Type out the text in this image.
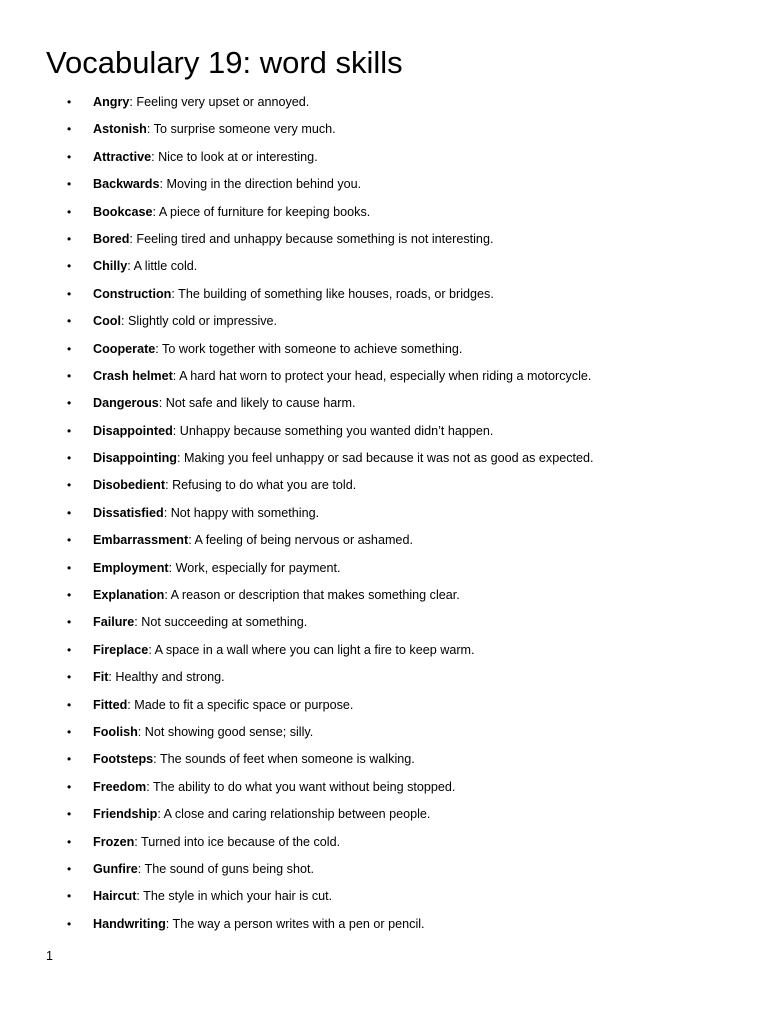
Vocabulary 19: word skills
• Angry: Feeling very upset or annoyed.
• Astonish: To surprise someone very much.
• Attractive: Nice to look at or interesting.
• Backwards: Moving in the direction behind you.
• Bookcase: A piece of furniture for keeping books.
• Bored: Feeling tired and unhappy because something is not interesting.
• Chilly: A little cold.
• Construction: The building of something like houses, roads, or bridges.
• Cool: Slightly cold or impressive.
• Cooperate: To work together with someone to achieve something.
• Crash helmet: A hard hat worn to protect your head, especially when riding a motorcycle.
• Dangerous: Not safe and likely to cause harm.
• Disappointed: Unhappy because something you wanted didn’t happen.
• Disappointing: Making you feel unhappy or sad because it was not as good as expected.
• Disobedient: Refusing to do what you are told.
• Dissatisfied: Not happy with something.
• Embarrassment: A feeling of being nervous or ashamed.
• Employment: Work, especially for payment.
• Explanation: A reason or description that makes something clear.
• Failure: Not succeeding at something.
• Fireplace: A space in a wall where you can light a fire to keep warm.
• Fit: Healthy and strong.
• Fitted: Made to fit a specific space or purpose.
• Foolish: Not showing good sense; silly.
• Footsteps: The sounds of feet when someone is walking.
• Freedom: The ability to do what you want without being stopped.
• Friendship: A close and caring relationship between people.
• Frozen: Turned into ice because of the cold.
• Gunfire: The sound of guns being shot.
• Haircut: The style in which your hair is cut.
• Handwriting: The way a person writes with a pen or pencil.
1
